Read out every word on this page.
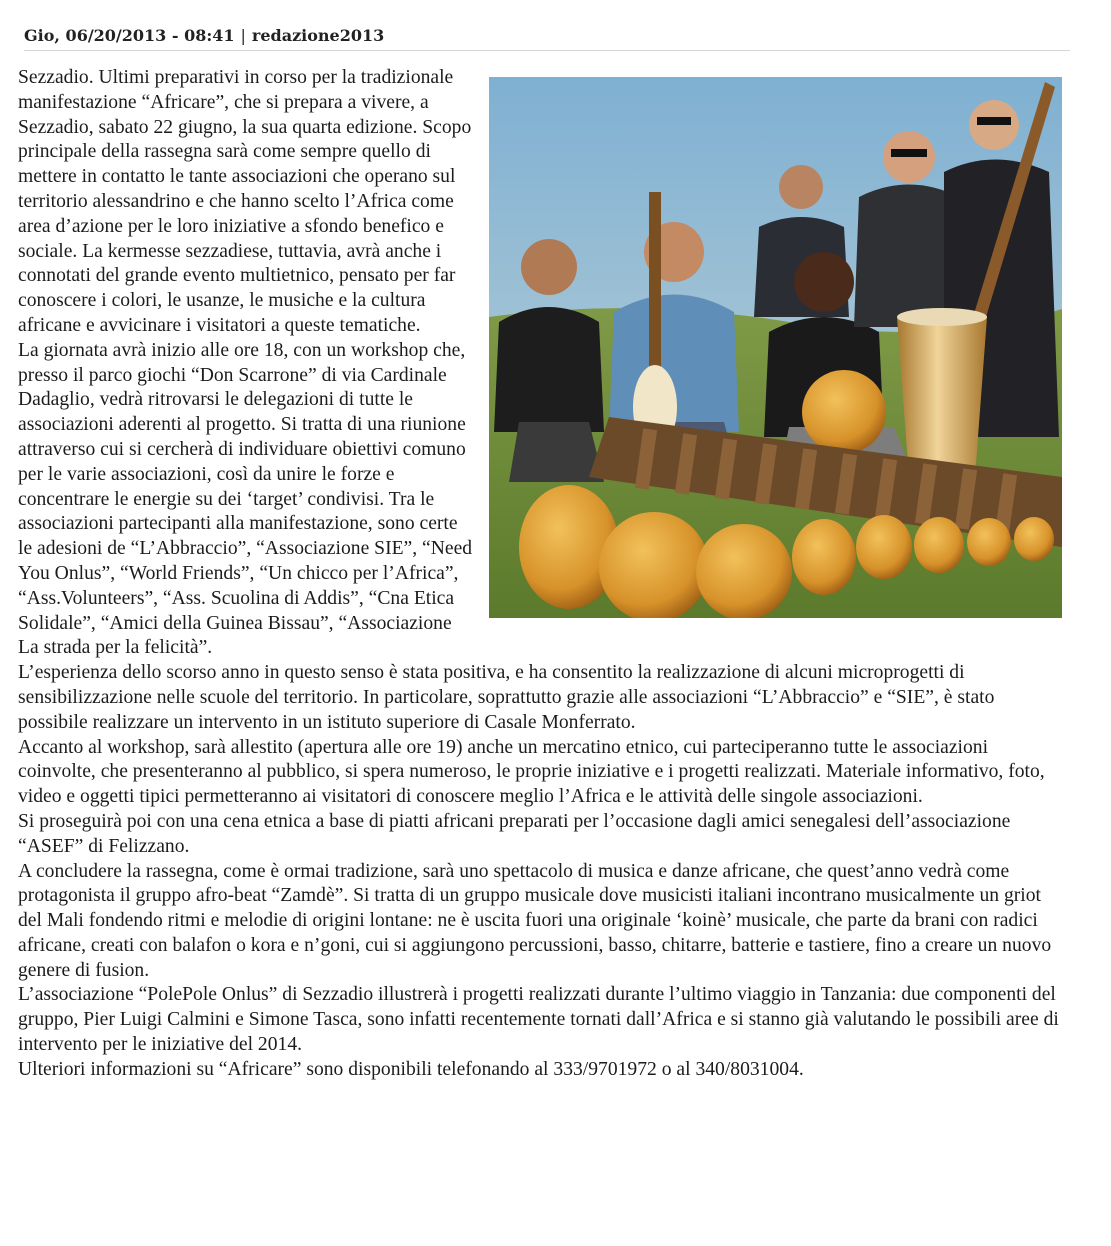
Gio, 06/20/2013 - 08:41 | redazione2013

Sezzadio. Ultimi preparativi in corso per la tradizionale manifestazione “Africare”, che si prepara a vivere, a Sezzadio, sabato 22 giugno, la sua quarta edizione. Scopo principale della rassegna sarà come sempre quello di mettere in contatto le tante associazioni che operano sul territorio alessandrino e che hanno scelto l’Africa come area d’azione per le loro iniziative a sfondo benefico e sociale. La kermesse sezzadiese, tuttavia, avrà anche i connotati del grande evento multietnico, pensato per far conoscere i colori, le usanze, le musiche e la cultura africane e avvicinare i visitatori a queste tematiche.

La giornata avrà inizio alle ore 18, con un workshop che, presso il parco giochi “Don Scarrone” di via Cardinale Dadaglio, vedrà ritrovarsi le delegazioni di tutte le associazioni aderenti al progetto. Si tratta di una riunione attraverso cui si cercherà di individuare obiettivi comuno per le varie associazioni, così da unire le forze e concentrare le energie su dei ‘target’ condivisi. Tra le associazioni partecipanti alla manifestazione, sono certe le adesioni de “L’Abbraccio”, “Associazione SIE”, “Need You Onlus”, “World Friends”, “Un chicco per l’Africa”, “Ass.Volunteers”, “Ass. Scuolina di Addis”, “Cna Etica Solidale”, “Amici della Guinea Bissau”, “Associazione La strada per la felicità”.

L’esperienza dello scorso anno in questo senso è stata positiva, e ha consentito la realizzazione di alcuni microprogetti di sensibilizzazione nelle scuole del territorio. In particolare, soprattutto grazie alle associazioni “L’Abbraccio” e “SIE”, è stato possibile realizzare un intervento in un istituto superiore di Casale Monferrato.

Accanto al workshop, sarà allestito (apertura alle ore 19) anche un mercatino etnico, cui parteciperanno tutte le associazioni coinvolte, che presenteranno al pubblico, si spera numeroso, le proprie iniziative e i progetti realizzati. Materiale informativo, foto, video e oggetti tipici permetteranno ai visitatori di conoscere meglio l’Africa e le attività delle singole associazioni.

Si proseguirà poi con una cena etnica a base di piatti africani preparati per l’occasione dagli amici senegalesi dell’associazione “ASEF” di Felizzano.

A concludere la rassegna, come è ormai tradizione, sarà uno spettacolo di musica e danze africane, che quest’anno vedrà come protagonista il gruppo afro-beat “Zamdè”. Si tratta di un gruppo musicale dove musicisti italiani incontrano musicalmente un griot del Mali fondendo ritmi e melodie di origini lontane: ne è uscita fuori una originale ‘koinè’ musicale, che parte da brani con radici africane, creati con balafon o kora e n’goni, cui si aggiungono percussioni, basso, chitarre, batterie e tastiere, fino a creare un nuovo genere di fusion.

L’associazione “PolePole Onlus” di Sezzadio illustrerà i progetti realizzati durante l’ultimo viaggio in Tanzania: due componenti del gruppo, Pier Luigi Calmini e Simone Tasca, sono infatti recentemente tornati dall’Africa e si stanno già valutando le possibili aree di intervento per le iniziative del 2014.

Ulteriori informazioni su “Africare” sono disponibili telefonando al 333/9701972 o al 340/8031004.
